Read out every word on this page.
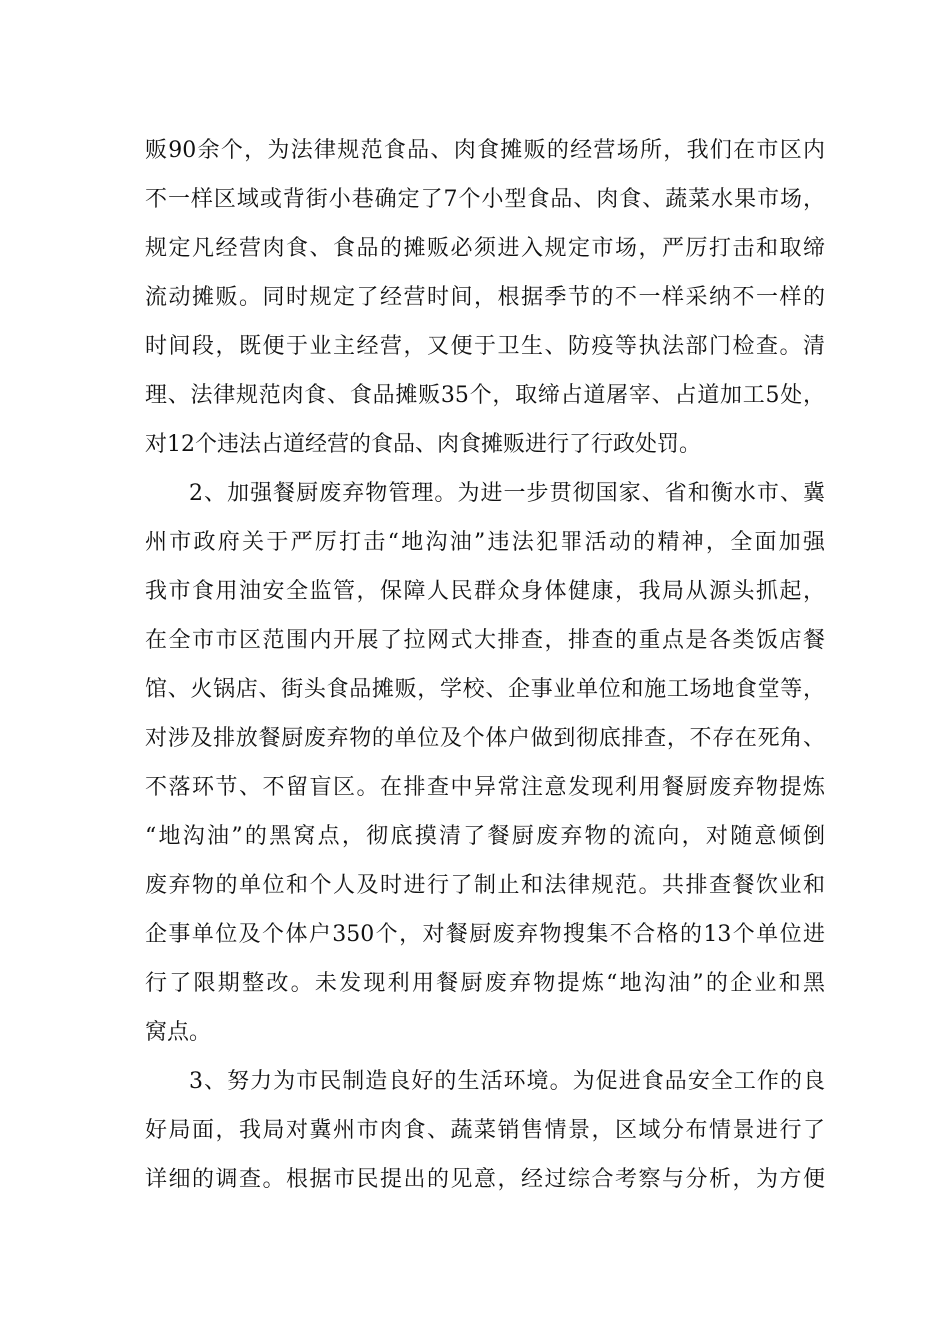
贩90余个，为法律规范食品、肉食摊贩的经营场所，我们在市区内
不一样区域或背街小巷确定了7个小型食品、肉食、蔬菜水果市场，
规定凡经营肉食、食品的摊贩必须进入规定市场，严厉打击和取缔
流动摊贩。同时规定了经营时间，根据季节的不一样采纳不一样的
时间段，既便于业主经营，又便于卫生、防疫等执法部门检查。清
理、法律规范肉食、食品摊贩35个，取缔占道屠宰、占道加工5处，
对12个违法占道经营的食品、肉食摊贩进行了行政处罚。
2、加强餐厨废弃物管理。为进一步贯彻国家、省和衡水市、冀
州市政府关于严厉打击“地沟油”违法犯罪活动的精神，全面加强
我市食用油安全监管，保障人民群众身体健康，我局从源头抓起，
在全市市区范围内开展了拉网式大排查，排查的重点是各类饭店餐
馆、火锅店、街头食品摊贩，学校、企事业单位和施工场地食堂等，
对涉及排放餐厨废弃物的单位及个体户做到彻底排查，不存在死角、
不落环节、不留盲区。在排查中异常注意发现利用餐厨废弃物提炼
“地沟油”的黑窝点，彻底摸清了餐厨废弃物的流向，对随意倾倒
废弃物的单位和个人及时进行了制止和法律规范。共排查餐饮业和
企事单位及个体户350个，对餐厨废弃物搜集不合格的13个单位进
行了限期整改。未发现利用餐厨废弃物提炼“地沟油”的企业和黑
窝点。
3、努力为市民制造良好的生活环境。为促进食品安全工作的良
好局面，我局对冀州市肉食、蔬菜销售情景，区域分布情景进行了
详细的调查。根据市民提出的见意，经过综合考察与分析，为方便
